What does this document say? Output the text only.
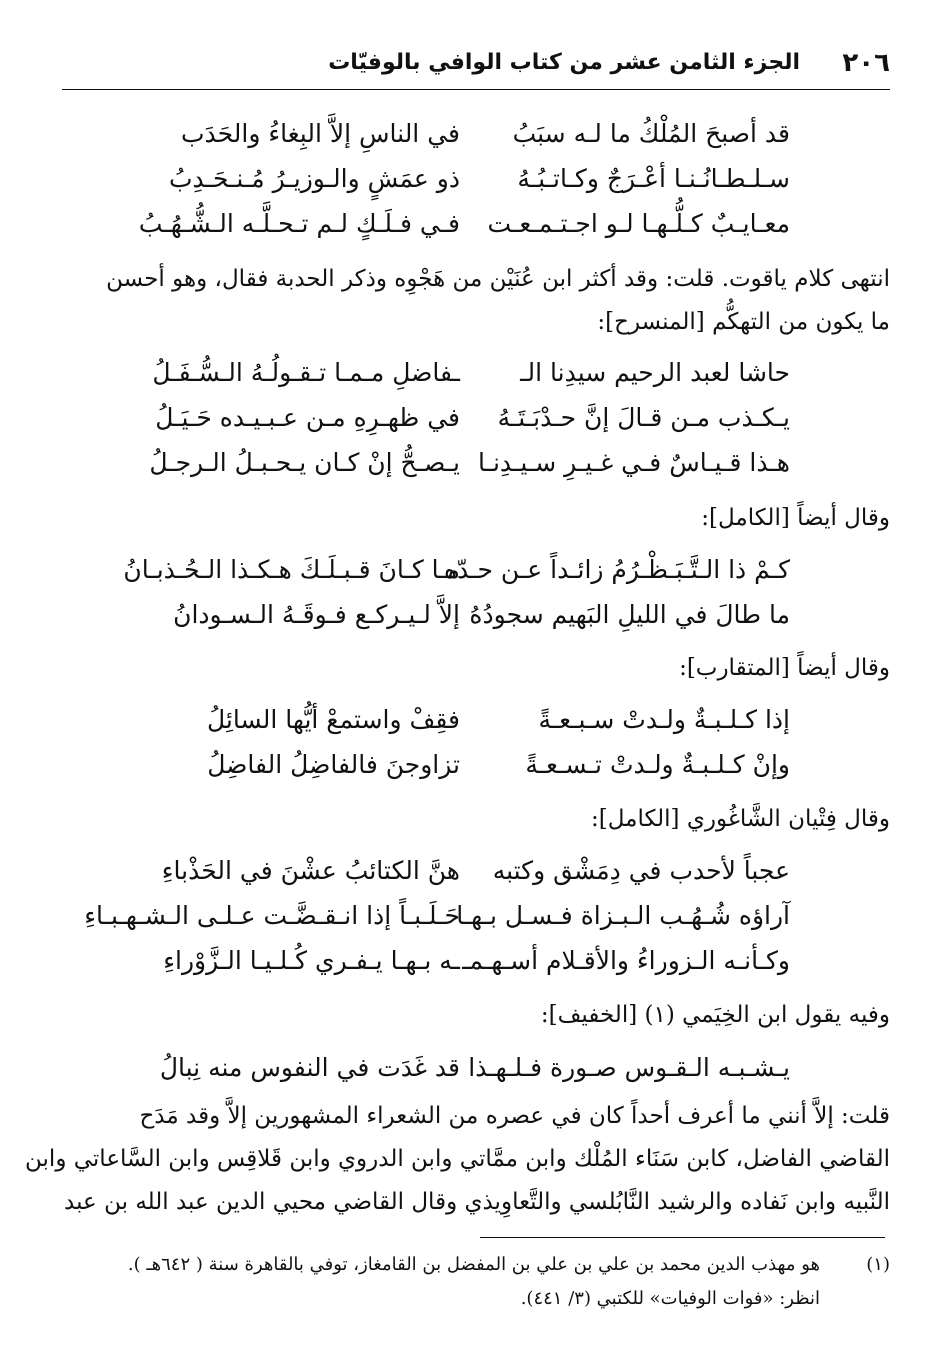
٢٠٦
الجزء الثامن عشر من كتاب الوافي بالوفيّات
قد أصبحَ المُلْكُ ما لـه سبَبُ
في الناسِ إلاَّ البِغاءُ والحَدَب
سـلـطـانُـنـا أعْـرَجٌ وكـاتـبُـهُ
ذو عمَشٍ والـوزيـرُ مُـنـحَـدِبُ
معـايـبٌ كـلُّـهـا لـو اجـتـمـعـت
فـي فـلَـكٍ لـم تـحـلَّـه الـشُّـهُـبُ
انتهى كلام ياقوت. قلت: وقد أكثر ابن عُنَيْن من هَجْوِه وذكر الحدبة فقال، وهو أحسن
ما يكون من التهكُّم [المنسرح]:
حاشا لعبد الرحيم سيدِنا الـ
ـفاضلِ مـمـا تـقـولُـهُ الـسُّـفَـلُ
يـكـذب مـن قـالَ إنَّ حـدْبَـتَـهُ
في ظهـرِهِ مـن عـبـيـده حَـيَـلُ
هـذا قـيـاسٌ فـي غـيـرِ سـيـدِنـا
يـصـحُّ إنْ كـان يـحـبـلُ الـرجـلُ
وقال أيضاً [الكامل]:
كـمْ ذا الـتَّـبَـظْـرُمُ زائـداً عـن حـدّه
مـا كـانَ قـبـلَـكَ هـكـذا الـحُـذبـانُ
ما طالَ في الليلِ البَهيم سجودُهُ
إلاَّ لـيـركـع فـوقَـهُ الـسـودانُ
وقال أيضاً [المتقارب]:
إذا كـلـبـةٌ ولـدتْ سـبـعـةً
فقِفْ واستمعْ أيُّها السائِلُ
وإنْ كـلـبـةٌ ولـدتْ تـسـعـةً
تزاوجنَ فالفاضِلُ الفاضِلُ
وقال فِتْيان الشَّاغُوري [الكامل]:
عجباً لأحدب في دِمَشْق وكتبه
هنَّ الكتائبُ عشْنَ في الحَذْباءِ
آراؤه شُـهُـب الـبـزاة فـسـل بـهـا
حَـلَـبـاً إذا انـقـضَّـت عـلـى الـشـهـبـاءِ
وكـأنـه الـزوراءُ والأقـلام أسـهـمـ
ـه بـهـا يـفـري كُـلـيـا الـزَّوْراءِ
وفيه يقول ابن الخِيَمي (١) [الخفيف]:
يـشـبـه الـقـوس صـورة فـلـهـذا
قد غَدَت في النفوس منه نِبالُ
قلت: إلاَّ أنني ما أعرف أحداً كان في عصره من الشعراء المشهورين إلاَّ وقد مَدَح
القاضي الفاضل، كابن سَنَاء المُلْك وابن ممَّاتي وابن الدروي وابن قَلاقِس وابن السَّاعاتي وابن
النَّبيه وابن نَفاده والرشيد النَّابُلسي والتَّعاوِيذي وقال القاضي محيي الدين عبد الله بن عبد
(١)
هو مهذب الدين محمد بن علي بن علي بن المفضل بن القامغاز، توفي بالقاهرة سنة ( ٦٤٢هـ ).
انظر: «فوات الوفيات» للكتبي (٣/ ٤٤١).
